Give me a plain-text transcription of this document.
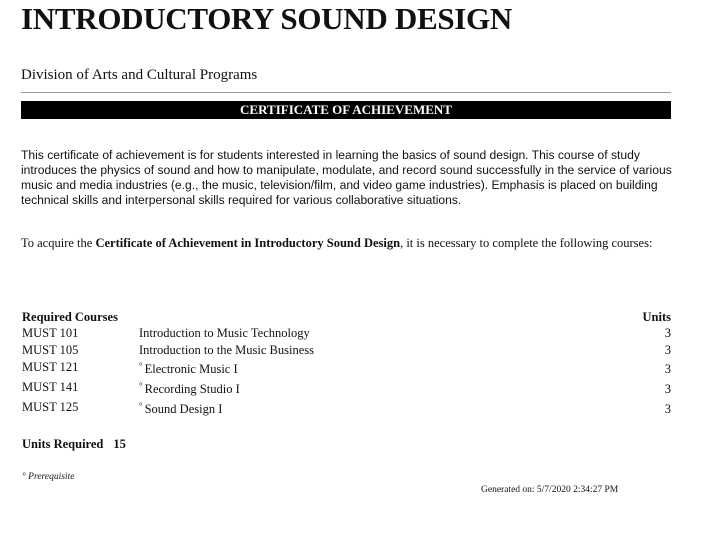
INTRODUCTORY SOUND DESIGN
Division of Arts and Cultural Programs
CERTIFICATE OF ACHIEVEMENT

This certificate of achievement is for students interested in learning the basics of sound design. This course of study introduces the physics of sound and how to manipulate, modulate, and record sound successfully in the service of various music and media industries (e.g., the music, television/film, and video game industries). Emphasis is placed on building technical skills and interpersonal skills required for various collaborative situations.

To acquire the Certificate of Achievement in Introductory Sound Design, it is necessary to complete the following courses:

Required Courses	Units
MUST 101	Introduction to Music Technology	3
MUST 105	Introduction to the Music Business	3
MUST 121	° Electronic Music I	3
MUST 141	° Recording Studio I	3
MUST 125	° Sound Design I	3
Units Required 15
° Prerequisite
Generated on: 5/7/2020 2:34:27 PM
